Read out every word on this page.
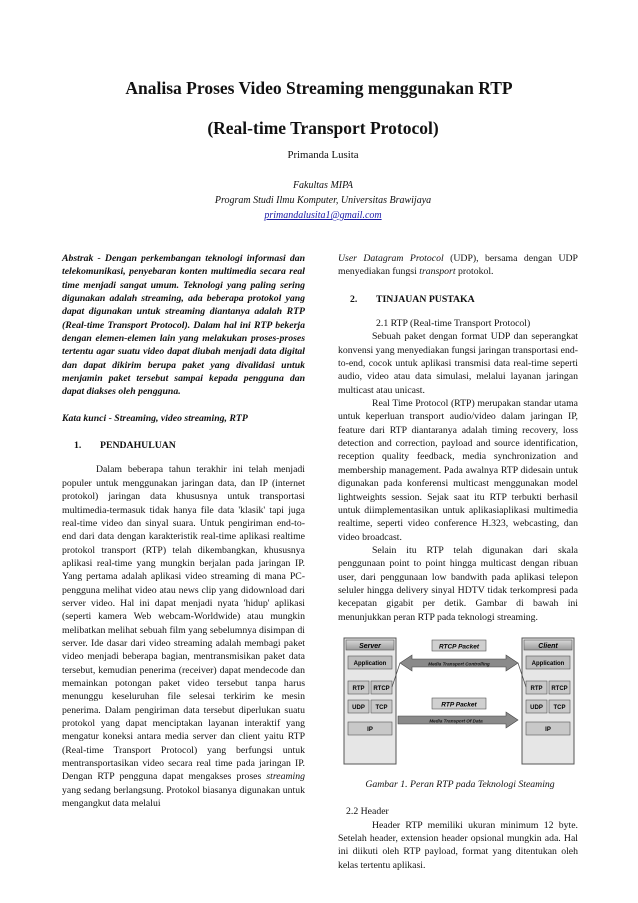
Analisa Proses Video Streaming menggunakan RTP
(Real-time Transport Protocol)
Primanda Lusita
Fakultas MIPA
Program Studi Ilmu Komputer, Universitas Brawijaya
primandalusita1@gmail.com

Abstrak - Dengan perkembangan teknologi informasi dan telekomunikasi, penyebaran konten multimedia secara real time menjadi sangat umum. Teknologi yang paling sering digunakan adalah streaming, ada beberapa protokol yang dapat digunakan untuk streaming diantanya adalah RTP (Real-time Transport Protocol). Dalam hal ini RTP bekerja dengan elemen-elemen lain yang melakukan proses-proses tertentu agar suatu video dapat diubah menjadi data digital dan dapat dikirim berupa paket yang divalidasi untuk menjamin paket tersebut sampai kepada pengguna dan dapat diakses oleh pengguna.

Kata kunci - Streaming, video streaming, RTP

1. PENDAHULUAN

Dalam beberapa tahun terakhir ini telah menjadi populer untuk menggunakan jaringan data, dan IP (internet protokol) jaringan data khususnya untuk transportasi multimedia-termasuk tidak hanya file data 'klasik' tapi juga real-time video dan sinyal suara. Untuk pengiriman end-to-end dari data dengan karakteristik real-time aplikasi realtime protokol transport (RTP) telah dikembangkan, khususnya aplikasi real-time yang mungkin berjalan pada jaringan IP. Yang pertama adalah aplikasi video streaming di mana PC-pengguna melihat video atau news clip yang didownload dari server video. Hal ini dapat menjadi nyata 'hidup' aplikasi (seperti kamera Web webcam-Worldwide) atau mungkin melibatkan melihat sebuah film yang sebelumnya disimpan di server. Ide dasar dari video streaming adalah membagi paket video menjadi beberapa bagian, mentransmisikan paket data tersebut, kemudian penerima (receiver) dapat mendecode dan memainkan potongan paket video tersebut tanpa harus menunggu keseluruhan file selesai terkirim ke mesin penerima. Dalam pengiriman data tersebut diperlukan suatu protokol yang dapat menciptakan layanan interaktif yang mengatur koneksi antara media server dan client yaitu RTP (Real-time Transport Protocol) yang berfungsi untuk mentransportasikan video secara real time pada jaringan IP. Dengan RTP pengguna dapat mengakses proses streaming yang sedang berlangsung. Protokol biasanya digunakan untuk mengangkut data melalui

User Datagram Protocol (UDP), bersama dengan UDP menyediakan fungsi transport protokol.

2. TINJAUAN PUSTAKA

2.1 RTP (Real-time Transport Protocol)

Sebuah paket dengan format UDP dan seperangkat konvensi yang menyediakan fungsi jaringan transportasi end-to-end, cocok untuk aplikasi transmisi data real-time seperti audio, video atau data simulasi, melalui layanan jaringan multicast atau unicast.

Real Time Protocol (RTP) merupakan standar utama untuk keperluan transport audio/video dalam jaringan IP, feature dari RTP diantaranya adalah timing recovery, loss detection and correction, payload and source identification, reception quality feedback, media synchronization and membership management. Pada awalnya RTP didesain untuk digunakan pada konferensi multicast menggunakan model lightweights session. Sejak saat itu RTP terbukti berhasil untuk diimplementasikan untuk aplikasiaplikasi multimedia realtime, seperti video conference H.323, webcasting, dan video broadcast.

Selain itu RTP telah digunakan dari skala penggunaan point to point hingga multicast dengan ribuan user, dari penggunaan low bandwith pada aplikasi telepon seluler hingga delivery sinyal HDTV tidak terkompresi pada kecepatan gigabit per detik. Gambar di bawah ini menunjukkan peran RTP pada teknologi streaming.

Server
Application
RTP RTCP
UDP TCP
IP
Client
Application
RTP RTCP
UDP TCP
IP
RTCP Packet
Media Transport Controlling
RTP Packet
Media Transport Of Data

Gambar 1. Peran RTP pada Teknologi Steaming

2.2 Header

Header RTP memiliki ukuran minimum 12 byte. Setelah header, extension header opsional mungkin ada. Hal ini diikuti oleh RTP payload, format yang ditentukan oleh kelas tertentu aplikasi.
